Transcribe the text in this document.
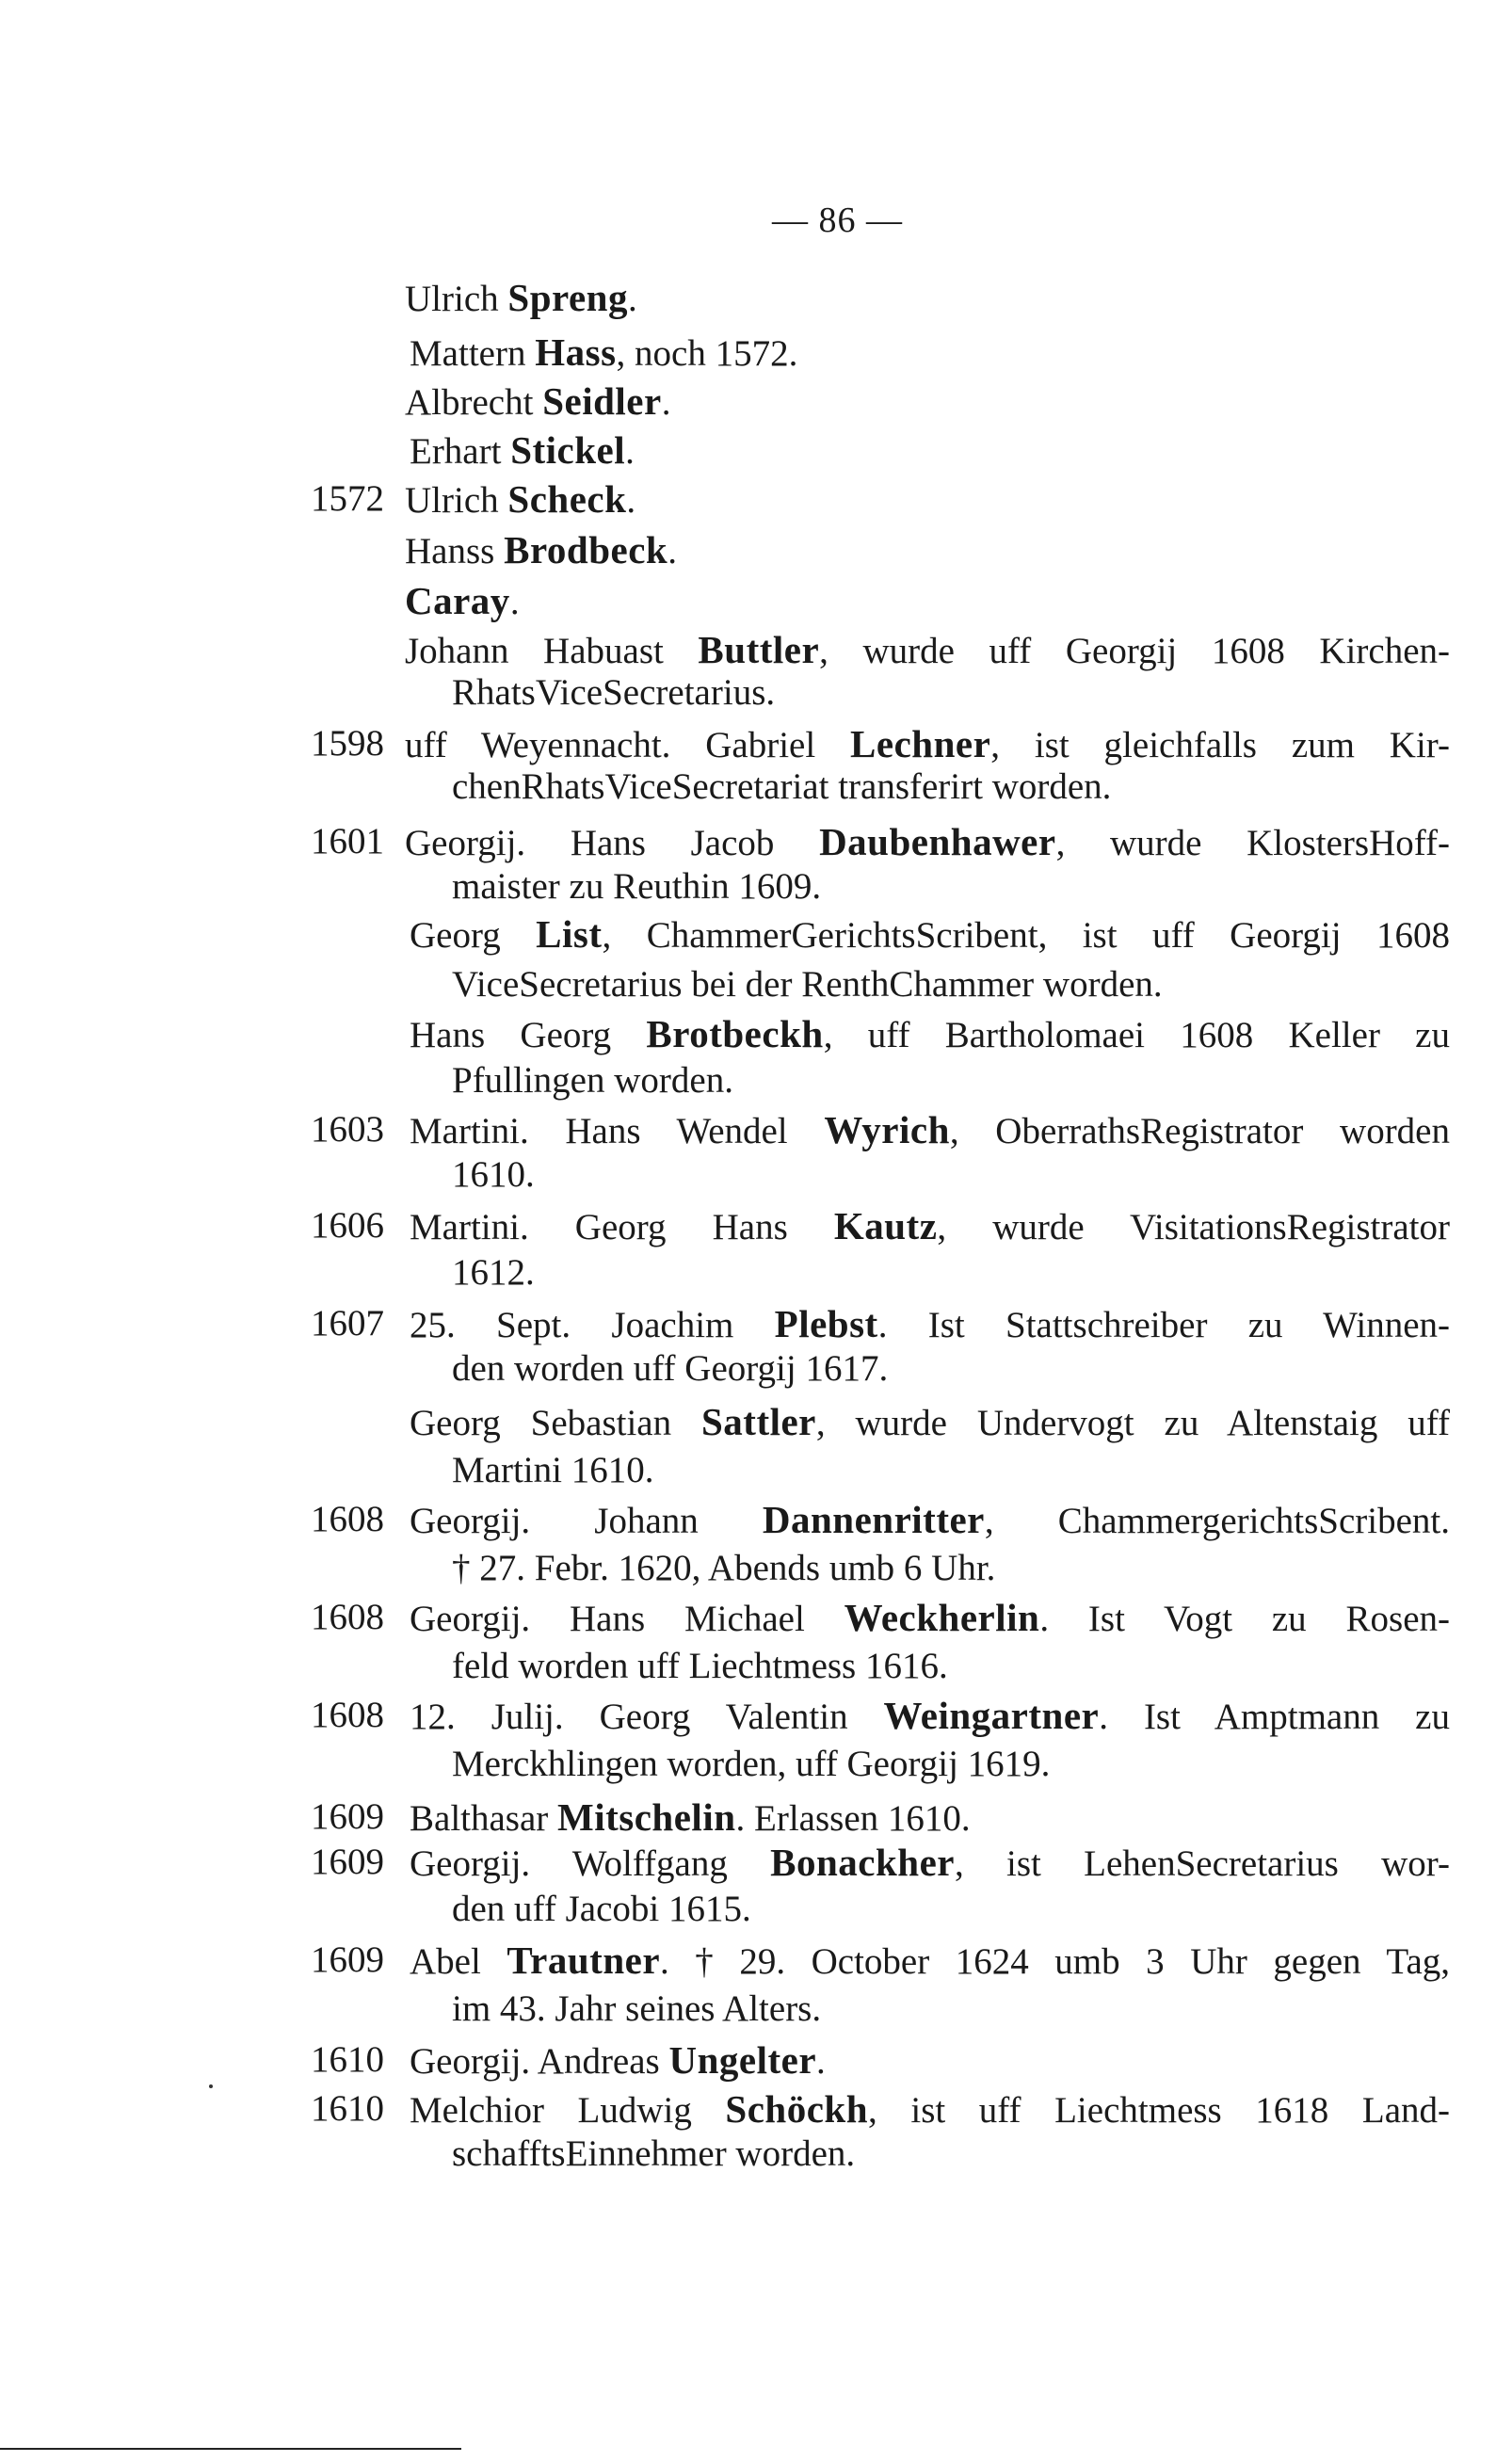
— 86 —
Ulrich Spreng.
Mattern Hass, noch 1572.
Albrecht Seidler.
Erhart Stickel.
1572 Ulrich Scheck.
Hanss Brodbeck.
Caray.
Johann Habuast Buttler, wurde uff Georgij 1608 Kirchen-
RhatsViceSecretarius.
1598 uff Weyennacht. Gabriel Lechner, ist gleichfalls zum Kir-
chenRhatsViceSecretariat transferirt worden.
1601 Georgij. Hans Jacob Daubenhawer, wurde KlostersHoff-
maister zu Reuthin 1609.
Georg List, ChammerGerichtsScribent, ist uff Georgij 1608
ViceSecretarius bei der RenthChammer worden.
Hans Georg Brotbeckh, uff Bartholomaei 1608 Keller zu
Pfullingen worden.
1603 Martini. Hans Wendel Wyrich, OberrathsRegistrator worden
1610.
1606 Martini. Georg Hans Kautz, wurde VisitationsRegistrator
1612.
1607 25. Sept. Joachim Plebst. Ist Stattschreiber zu Winnen-
den worden uff Georgij 1617.
Georg Sebastian Sattler, wurde Undervogt zu Altenstaig uff
Martini 1610.
1608 Georgij. Johann Dannenritter, ChammergerichtsScribent.
† 27. Febr. 1620, Abends umb 6 Uhr.
1608 Georgij. Hans Michael Weckherlin. Ist Vogt zu Rosen-
feld worden uff Liechtmess 1616.
1608 12. Julij. Georg Valentin Weingartner. Ist Amptmann zu
Merckhlingen worden, uff Georgij 1619.
1609 Balthasar Mitschelin. Erlassen 1610.
1609 Georgij. Wolffgang Bonackher, ist LehenSecretarius wor-
den uff Jacobi 1615.
1609 Abel Trautner. † 29. October 1624 umb 3 Uhr gegen Tag,
im 43. Jahr seines Alters.
1610 Georgij. Andreas Ungelter.
1610 Melchior Ludwig Schöckh, ist uff Liechtmess 1618 Land-
schafftsEinnehmer worden.
